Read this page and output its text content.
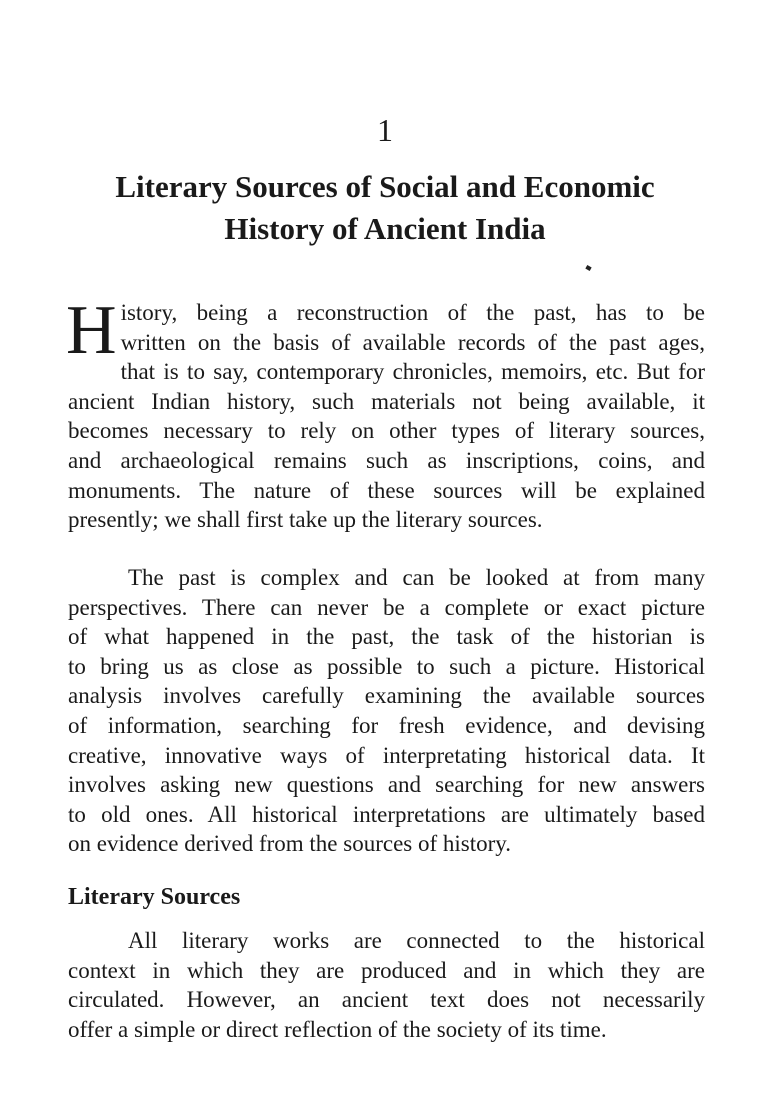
1
Literary Sources of Social and Economic
History of Ancient India
H istory, being a reconstruction of the past, has to be
written on the basis of available records of the past ages,
that is to say, contemporary chronicles, memoirs, etc. But for
ancient Indian history, such materials not being available, it
becomes necessary to rely on other types of literary sources,
and archaeological remains such as inscriptions, coins, and
monuments. The nature of these sources will be explained
presently; we shall first take up the literary sources.
The past is complex and can be looked at from many
perspectives. There can never be a complete or exact picture
of what happened in the past, the task of the historian is
to bring us as close as possible to such a picture. Historical
analysis involves carefully examining the available sources
of information, searching for fresh evidence, and devising
creative, innovative ways of interpretating historical data. It
involves asking new questions and searching for new answers
to old ones. All historical interpretations are ultimately based
on evidence derived from the sources of history.
Literary Sources
All literary works are connected to the historical
context in which they are produced and in which they are
circulated. However, an ancient text does not necessarily
offer a simple or direct reflection of the society of its time.
